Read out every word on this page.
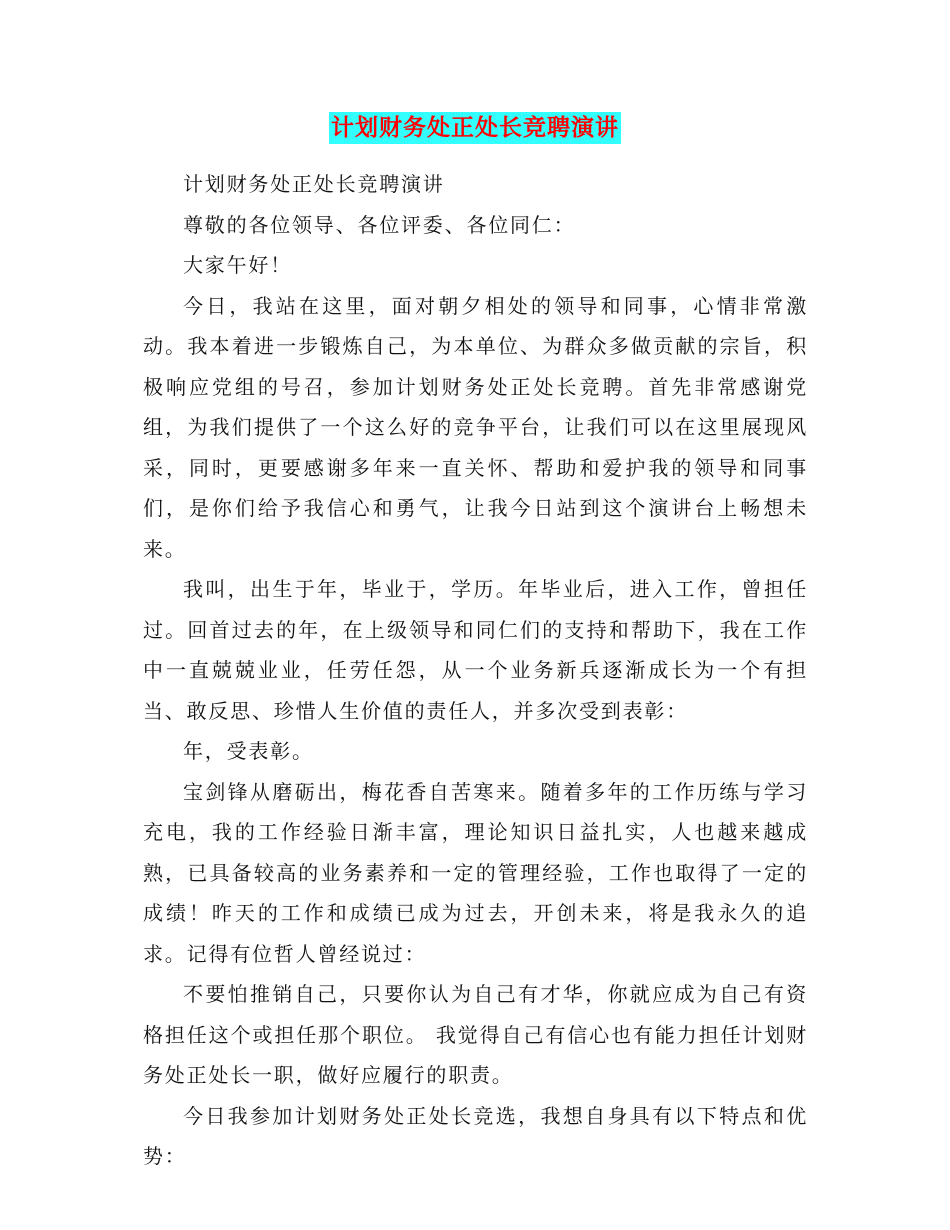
计划财务处正处长竞聘演讲

计划财务处正处长竞聘演讲

尊敬的各位领导、各位评委、各位同仁：

大家午好！

今日，我站在这里，面对朝夕相处的领导和同事，心情非常激动。我本着进一步锻炼自己，为本单位、为群众多做贡献的宗旨，积极响应党组的号召，参加计划财务处正处长竞聘。首先非常感谢党组，为我们提供了一个这么好的竞争平台，让我们可以在这里展现风采，同时，更要感谢多年来一直关怀、帮助和爱护我的领导和同事们，是你们给予我信心和勇气，让我今日站到这个演讲台上畅想未来。

我叫，出生于年，毕业于，学历。年毕业后，进入工作，曾担任过。回首过去的年，在上级领导和同仁们的支持和帮助下，我在工作中一直兢兢业业，任劳任怨，从一个业务新兵逐渐成长为一个有担当、敢反思、珍惜人生价值的责任人，并多次受到表彰：

年，受表彰。

宝剑锋从磨砺出，梅花香自苦寒来。随着多年的工作历练与学习充电，我的工作经验日渐丰富，理论知识日益扎实，人也越来越成熟，已具备较高的业务素养和一定的管理经验，工作也取得了一定的成绩！昨天的工作和成绩已成为过去，开创未来，将是我永久的追求。记得有位哲人曾经说过：

不要怕推销自己，只要你认为自己有才华，你就应成为自己有资格担任这个或担任那个职位。 我觉得自己有信心也有能力担任计划财务处正处长一职，做好应履行的职责。

今日我参加计划财务处正处长竞选，我想自身具有以下特点和优势：
